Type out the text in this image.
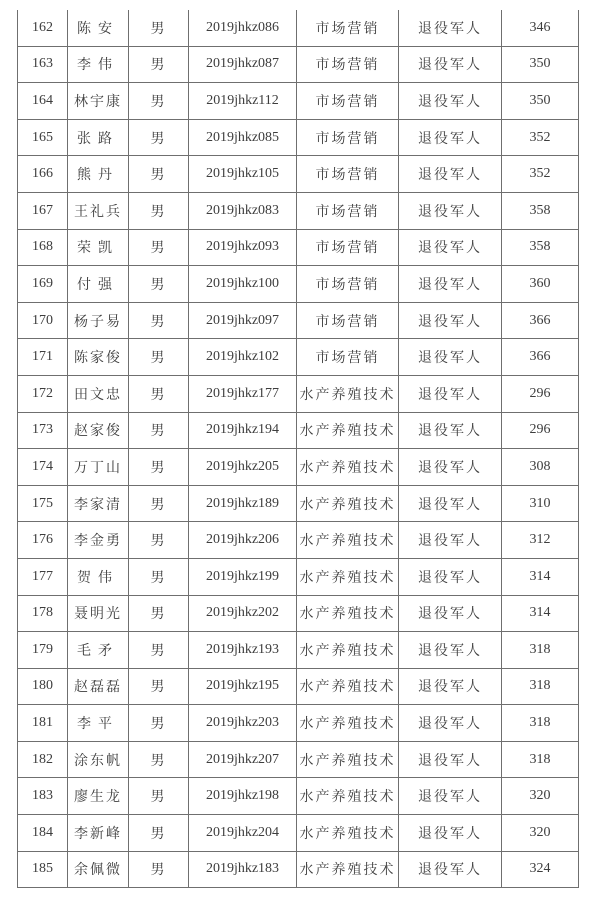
162	陈安	男	2019jhkz086	市场营销	退役军人	346
163	李伟	男	2019jhkz087	市场营销	退役军人	350
164	林宇康	男	2019jhkz112	市场营销	退役军人	350
165	张路	男	2019jhkz085	市场营销	退役军人	352
166	熊丹	男	2019jhkz105	市场营销	退役军人	352
167	王礼兵	男	2019jhkz083	市场营销	退役军人	358
168	荣凯	男	2019jhkz093	市场营销	退役军人	358
169	付强	男	2019jhkz100	市场营销	退役军人	360
170	杨子易	男	2019jhkz097	市场营销	退役军人	366
171	陈家俊	男	2019jhkz102	市场营销	退役军人	366
172	田文忠	男	2019jhkz177	水产养殖技术	退役军人	296
173	赵家俊	男	2019jhkz194	水产养殖技术	退役军人	296
174	万丁山	男	2019jhkz205	水产养殖技术	退役军人	308
175	李家清	男	2019jhkz189	水产养殖技术	退役军人	310
176	李金勇	男	2019jhkz206	水产养殖技术	退役军人	312
177	贺伟	男	2019jhkz199	水产养殖技术	退役军人	314
178	聂明光	男	2019jhkz202	水产养殖技术	退役军人	314
179	毛矛	男	2019jhkz193	水产养殖技术	退役军人	318
180	赵磊磊	男	2019jhkz195	水产养殖技术	退役军人	318
181	李平	男	2019jhkz203	水产养殖技术	退役军人	318
182	涂东帆	男	2019jhkz207	水产养殖技术	退役军人	318
183	廖生龙	男	2019jhkz198	水产养殖技术	退役军人	320
184	李新峰	男	2019jhkz204	水产养殖技术	退役军人	320
185	余佩微	男	2019jhkz183	水产养殖技术	退役军人	324
